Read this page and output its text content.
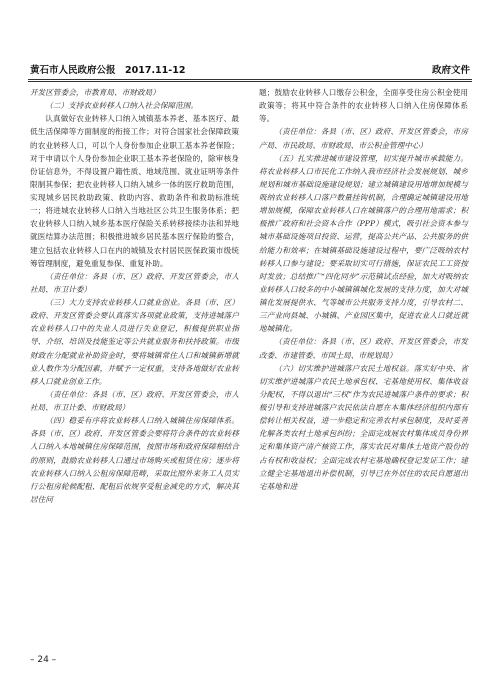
黄石市人民政府公报　2017.11-12	政府文件

开发区管委会，市教育局、市财政局）

（二）支持农业转移人口纳入社会保障范围。

认真做好农业转移人口纳入城镇基本养老、基本医疗、最低生活保障等方面制度的衔接工作；对符合国家社会保障政策的农业转移人口，可以个人身份参加企业职工基本养老保险；对于申请以个人身份参加企业职工基本养老保险的，除审核身份证信息外，不得设置户籍性质、地域范围、就业证明等条件限制其参保；把农业转移人口纳入城乡一体的医疗救助范围，实现城乡居民救助政策、救助内容、救助条件和救助标准统一；将进城农业转移人口纳入当地社区公共卫生服务体系；把农业转移人口纳入城乡基本医疗保险关系转移接续办法和异地就医结算办法范围；积极推进城乡居民基本医疗保险的整合，建立包括农业转移人口在内的城镇及农村居民医保政策市级统筹管理制度，避免重复参保、重复补助。

（责任单位：各县（市、区）政府、开发区管委会，市人社局、市卫计委）

（三）大力支持农业转移人口就业创业。各县（市、区）政府、开发区管委会要认真落实各项就业政策，支持进城落户农业转移人口中的失业人员进行失业登记，积极提供职业指导、介绍、培训及技能鉴定等公共就业服务和扶持政策。市级财政在分配就业补助资金时，要将城镇常住人口和城镇新增就业人数作为分配因素，并赋予一定权重，支持各地做好农业转移人口就业创业工作。

（责任单位：各县（市、区）政府、开发区管委会，市人社局、市卫计委、市财政局）

（四）稳妥有序将农业转移人口纳入城镇住房保障体系。各县（市、区）政府、开发区管委会要将符合条件的农业转移人口纳入本地城镇住房保障范围，按照市场和政府保障相结合的原则，鼓励农业转移人口通过市场购买或租赁住房；逐步将农业转移人口纳入公租房保障范畴，采取比照外来务工人员实行公租房轮候配租、配租后依规享受租金减免的方式，解决其居住问

题；鼓励农业转移人口缴存公积金，全面享受住房公积金使用政策等；将其中符合条件的农业转移人口纳入住房保障体系等。

（责任单位：各县（市、区）政府、开发区管委会，市房产局、市民政局、市财政局、市公积金管理中心）

（五）扎实推进城市建设管理，切实提升城市承载能力。将农业转移人口市民化工作纳入我市经济社会发展规划、城乡规划和城市基础设施建设规划；建立城镇建设用地增加规模与吸纳农业转移人口落户数量挂钩机制，合理确定城镇建设用地增加规模，保障农业转移人口在城镇落户的合理用地需求；积极推广政府和社会资本合作（PPP）模式，吸引社会资本参与城市基础设施项目投资、运营，提高公共产品、公共服务的供给能力和效率；在城镇基础设施建设过程中，要广泛吸纳农村转移人口参与建设；要采取切实可行措施，保证农民工工资按时发放；总结推广“四化同步”示范镇试点经验，加大对吸纳农业转移人口较多的中小城镇镇城化发展的支持力度，加大对城镇化发展提供水、气等城市公共服务支持力度，引导农村二、三产业向县城、小城镇、产业园区集中，促进农业人口就近就地城镇化。

（责任单位：各县（市、区）政府、开发区管委会，市发改委、市建管委、市国土局、市规划局）

（六）切实维护进城落户农民土地权益。落实好中央、省切实维护进城落户农民土地承包权、宅基地使用权、集体收益分配权，不得以退出“三权”作为农民进城落户条件的要求；积极引导和支持进城落户农民依法自愿在本集体经济组织内部有偿转让相关权益，进一步稳定和完善农村承包制度，及时妥善化解各类农村土地承包纠纷；全面完成展农村集体成员身份界定和集体资产清产核资工作，落实农民对集体土地资产股份的占有权和收益权；全面完成农村宅基地确权登记发证工作；建立健全宅基地退出补偿机制，引导已在外居住的农民自愿退出宅基地和进

– 24 –
